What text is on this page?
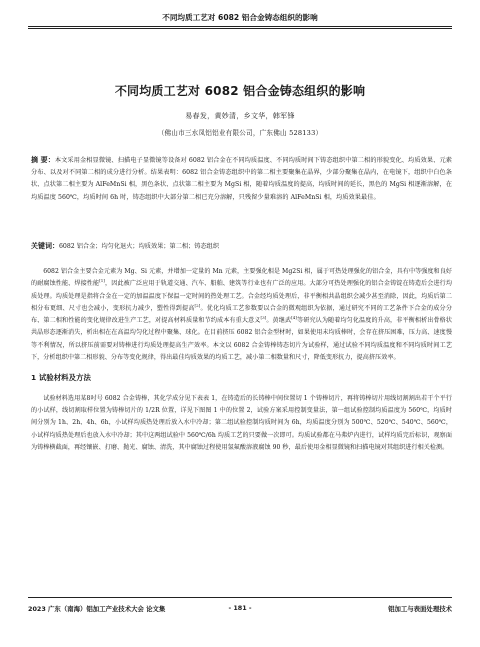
不同均质工艺对 6082 铝合金铸态组织的影响
不同均质工艺对 6082 铝合金铸态组织的影响
易春发，黄妙清，乡文华，韩军锋
（佛山市三水凤铝铝业有限公司，广东佛山 528133）
摘 要：本文采用金相显微镜、扫描电子显微镜等设备对 6082 铝合金在不同均质温度、不同均质时间下铸态组织中第二相的形貌变化、均质效果、元素分布、以及对不同第二相的成分进行分析。结果表明：6082 铝合金铸态组织中的第二相主要聚集在晶界，少部分聚集在晶内，在电镜下，组织中白色条状、点状第二相主要为 AlFeMnSi 相，黑色条状、点状第二相主要为 MgSi 相，随着均质温度的提高，均质时间的延长，黑色的 MgSi 相逐渐溶解，在均质温度 560℃，均质时间 6h 时，铸态组织中大部分第二相已充分溶解，只残留少量难溶的 AlFeMnSi 相，均质效果最佳。
关键词：6082 铝合金；均匀化退火；均质效果；第二相；铸态组织

6082 铝合金主要合金元素为 Mg、Si 元素，并增加一定量的 Mn 元素，主要强化相是 Mg2Si 相，属于可热处理强化的铝合金，具有中等强度和良好的耐腐蚀性能、焊接性能[1]，因此被广泛应用于轨道交通、汽车、船舶、建筑等行业也有广泛的应用。大部分可热处理强化的铝合金铸锭在铸造后会进行均质处理。均质处理是指将合金在一定的加温温度下保温一定时间的热处理工艺。合金经均质处理后，非平衡相共晶组织会减少甚至消除，因此，均质后第二相分布更细、尺寸也会减小，变形抗力减少，塑性得到提高[2]。优化均质工艺参数要以合金的微观组织为依据，通过研究不同的工艺条件下合金的成分分布、第二相和性能的变化规律改进生产工艺，对提高材料质量和节约成本有重大意义[3]。黄继武[4]等研究认为随着均匀化温度的升高，非平衡相析出骨格状共晶形态逐渐消失，析出相在在高温均匀化过程中聚集、球化。在目前挤压 6082 铝合金型材时，如果使用未均质棒时，会存在挤压困难，压力高、速度慢等不利情况，所以挤压前需要对铸棒进行均质处理提高生产效率。本文以 6082 合金铸棒铸态切片为试验样，通过试验不同均质温度和不同均质时间工艺下，分析组织中第二相形貌、分布等变化规律，得出最佳均质效果的均质工艺，减小第二相数量和尺寸，降低变形抗力，提高挤压效率。

1 试验材料及方法

试验材料选用某8吋号 6082 合金铸棒，其化学成分见下表表 1，在铸造后的长铸棒中间位置切 1 个铸棒切片，再将铸棒切片用线切割割出若干个平行的小试样，线切割取样位置为铸棒切片的 1/2R 位置，详见下图图 1 中的位置 2，试验方案采用控制变量法，第一组试验控制均质温度为 560℃，均质时间分别为 1h、2h、4h、6h，小试样均质热处理后放入水中冷却；第二组试验控制均质时间为 6h，均质温度分别为 500℃、520℃、540℃、560℃，小试样均质热处理后也放入水中冷却；其中这两组试验中 560℃/6h 均质工艺的只要做一次即可。均质试验都在马弗炉内进行，试样均质完后标识，观察面为铸棒横截面，再经镶嵌、打磨、抛光、腐蚀、清洗，其中腐蚀过程使用氢氟酸溶液腐蚀 90 秒，最后使用金相显微镜和扫描电镜对其组织进行相关检测。

2023 广东（南海）铝加工产业技术大会 论文集	- 181 -	铝加工与表面处理技术
